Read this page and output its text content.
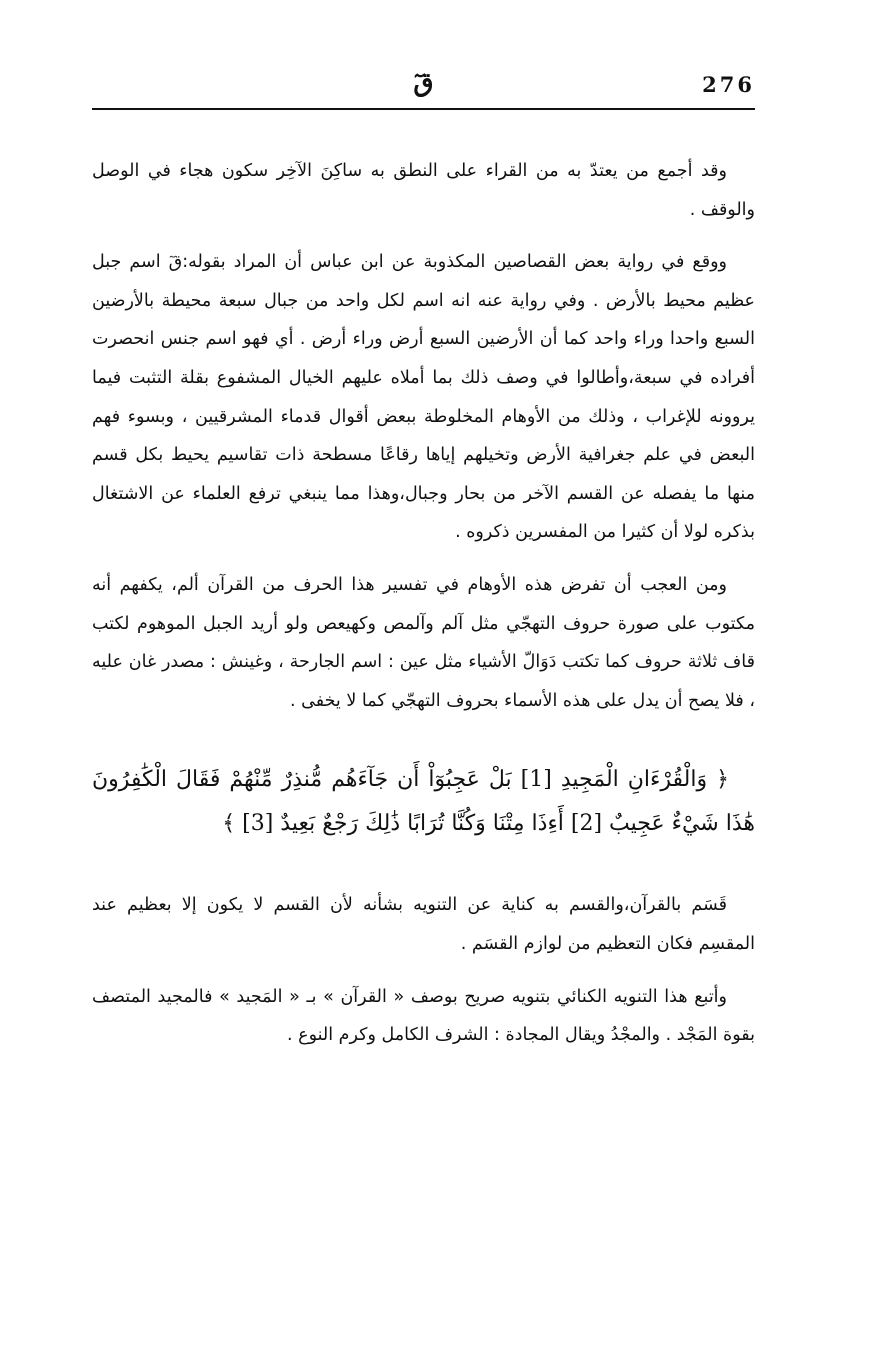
قٓ	276

وقد أجمع من يعتدّ به من القراء على النطق به ساكِنَ الآخِر سكون هجاء في الوصل والوقف .

ووقع في رواية بعض القصاصين المكذوبة عن ابن عباس أن المراد بقوله:قٓ اسم جبل عظيم محيط بالأرض . وفي رواية عنه انه اسم لكل واحد من جبال سبعة محيطة بالأرضين السبع واحدا وراء واحد كما أن الأرضين السبع أرض وراء أرض . أي فهو اسم جنس انحصرت أفراده في سبعة،وأطالوا في وصف ذلك بما أملاه عليهم الخيال المشفوع بقلة التثبت فيما يروونه للإغراب ، وذلك من الأوهام المخلوطة ببعض أقوال قدماء المشرقيين ، وبسوء فهم البعض في علم جغرافية الأرض وتخيلهم إياها رقاعًا مسطحة ذات تقاسيم يحيط بكل قسم منها ما يفصله عن القسم الآخر من بحار وجبال،وهذا مما ينبغي ترفع العلماء عن الاشتغال بذكره لولا أن كثيرا من المفسرين ذكروه .

ومن العجب أن تفرض هذه الأوهام في تفسير هذا الحرف من القرآن ألم، يكفهم أنه مكتوب على صورة حروف التهجّي مثل آلم وآلمص وكهيعص ولو أريد الجبل الموهوم لكتب قاف ثلاثة حروف كما تكتب دَوَالّ الأشياء مثل عين : اسم الجارحة ، وغينش : مصدر غان عليه ، فلا يصح أن يدل على هذه الأسماء بحروف التهجّي كما لا يخفى .

﴿ وَالْقُرْءَانِ الْمَجِيدِ [1] بَلْ عَجِبُوٓاْ أَن جَآءَهُم مُّنذِرٌ مِّنْهُمْ فَقَالَ الْكَٰفِرُونَ هَٰذَا شَيْءٌ عَجِيبٌ [2] أَءِذَا مِتْنَا وَكُنَّا تُرَابًا ذَٰلِكَ رَجْعٌ بَعِيدٌ [3] ﴾

قَسَم بالقرآن،والقسم به كناية عن التنويه بشأنه لأن القسم لا يكون إلا بعظيم عند المقسِم فكان التعظيم من لوازم القسَم .

وأتبع هذا التنويه الكنائي بتنويه صريح بوصف « القرآن » بـ « المَجيد » فالمجيد المتصف بقوة المَجْد . والمجْدُ ويقال المجادة : الشرف الكامل وكرم النوع .
